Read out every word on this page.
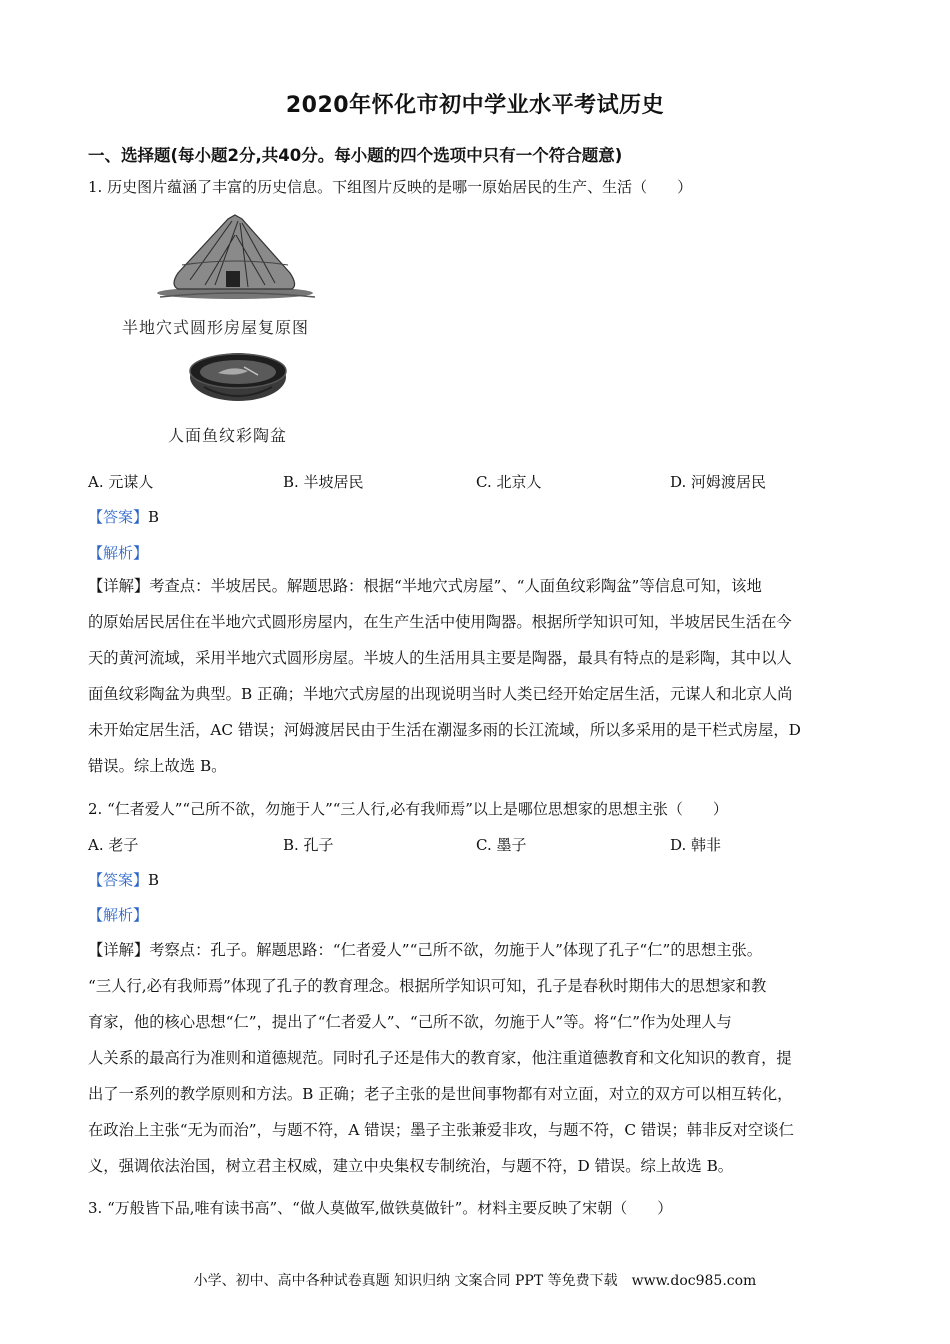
2020年怀化市初中学业水平考试历史
一、选择题(每小题2分,共40分。每小题的四个选项中只有一个符合题意)
1. 历史图片蕴涵了丰富的历史信息。下组图片反映的是哪一原始居民的生产、生活（　　）
半地穴式圆形房屋复原图
人面鱼纹彩陶盆
A. 元谋人	B. 半坡居民	C. 北京人	D. 河姆渡居民
【答案】B
【解析】
【详解】考查点：半坡居民。解题思路：根据“半地穴式房屋”、“人面鱼纹彩陶盆”等信息可知，该地
的原始居民居住在半地穴式圆形房屋内，在生产生活中使用陶器。根据所学知识可知，半坡居民生活在今
天的黄河流域，采用半地穴式圆形房屋。半坡人的生活用具主要是陶器，最具有特点的是彩陶，其中以人
面鱼纹彩陶盆为典型。B 正确；半地穴式房屋的出现说明当时人类已经开始定居生活，元谋人和北京人尚
未开始定居生活，AC 错误；河姆渡居民由于生活在潮湿多雨的长江流域，所以多采用的是干栏式房屋，D
错误。综上故选 B。
2. “仁者爱人”“己所不欲，勿施于人”“三人行,必有我师焉”以上是哪位思想家的思想主张（　　）
A. 老子	B. 孔子	C. 墨子	D. 韩非
【答案】B
【解析】
【详解】考察点：孔子。解题思路：“仁者爱人”“己所不欲，勿施于人”体现了孔子“仁”的思想主张。
“三人行,必有我师焉”体现了孔子的教育理念。根据所学知识可知，孔子是春秋时期伟大的思想家和教
育家，他的核心思想“仁”，提出了“仁者爱人”、“己所不欲，勿施于人”等。将“仁”作为处理人与
人关系的最高行为准则和道德规范。同时孔子还是伟大的教育家，他注重道德教育和文化知识的教育，提
出了一系列的教学原则和方法。B 正确；老子主张的是世间事物都有对立面，对立的双方可以相互转化，
在政治上主张“无为而治”，与题不符，A 错误；墨子主张兼爱非攻，与题不符，C 错误；韩非反对空谈仁
义，强调依法治国，树立君主权威，建立中央集权专制统治，与题不符，D 错误。综上故选 B。
3. “万般皆下品,唯有读书高”、“做人莫做军,做铁莫做针”。材料主要反映了宋朝（　　）
小学、初中、高中各种试卷真题 知识归纳 文案合同 PPT 等免费下载　www.doc985.com
